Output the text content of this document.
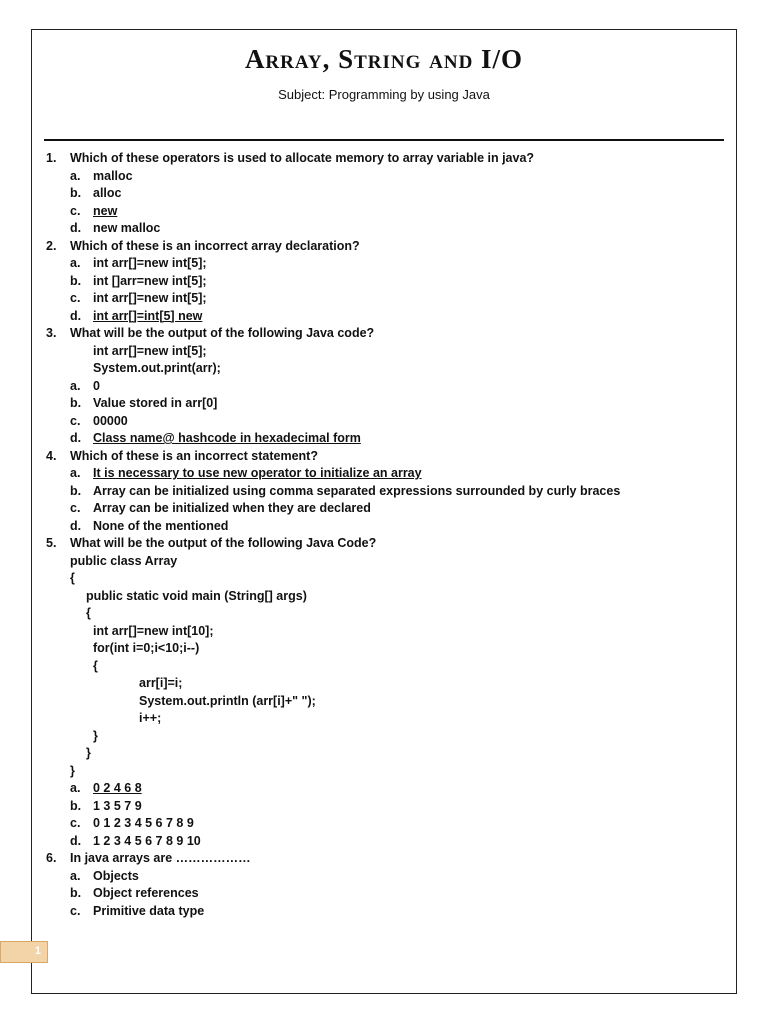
Array, String and I/O
Subject: Programming by using Java
1. Which of these operators is used to allocate memory to array variable in java?
a. malloc
b. alloc
c. new
d. new malloc
2. Which of these is an incorrect array declaration?
a. int arr[]=new int[5];
b. int []arr=new int[5];
c. int arr[]=new int[5];
d. int arr[]=int[5] new
3. What will be the output of the following Java code?
int arr[]=new int[5];
System.out.print(arr);
a. 0
b. Value stored in arr[0]
c. 00000
d. Class name@ hashcode in hexadecimal form
4. Which of these is an incorrect statement?
a. It is necessary to use new operator to initialize an array
b. Array can be initialized using comma separated expressions surrounded by curly braces
c. Array can be initialized when they are declared
d. None of the mentioned
5. What will be the output of the following Java Code?
public class Array
{
public static void main (String[] args)
{
int arr[]=new int[10];
for(int i=0;i<10;i--)
{
arr[i]=i;
System.out.println (arr[i]+" ");
i++;
}
}
}
a. 0 2 4 6 8
b. 1 3 5 7 9
c. 0 1 2 3 4 5 6 7 8 9
d. 1 2 3 4 5 6 7 8 9 10
6. In java arrays are ………………
a. Objects
b. Object references
c. Primitive data type
1
